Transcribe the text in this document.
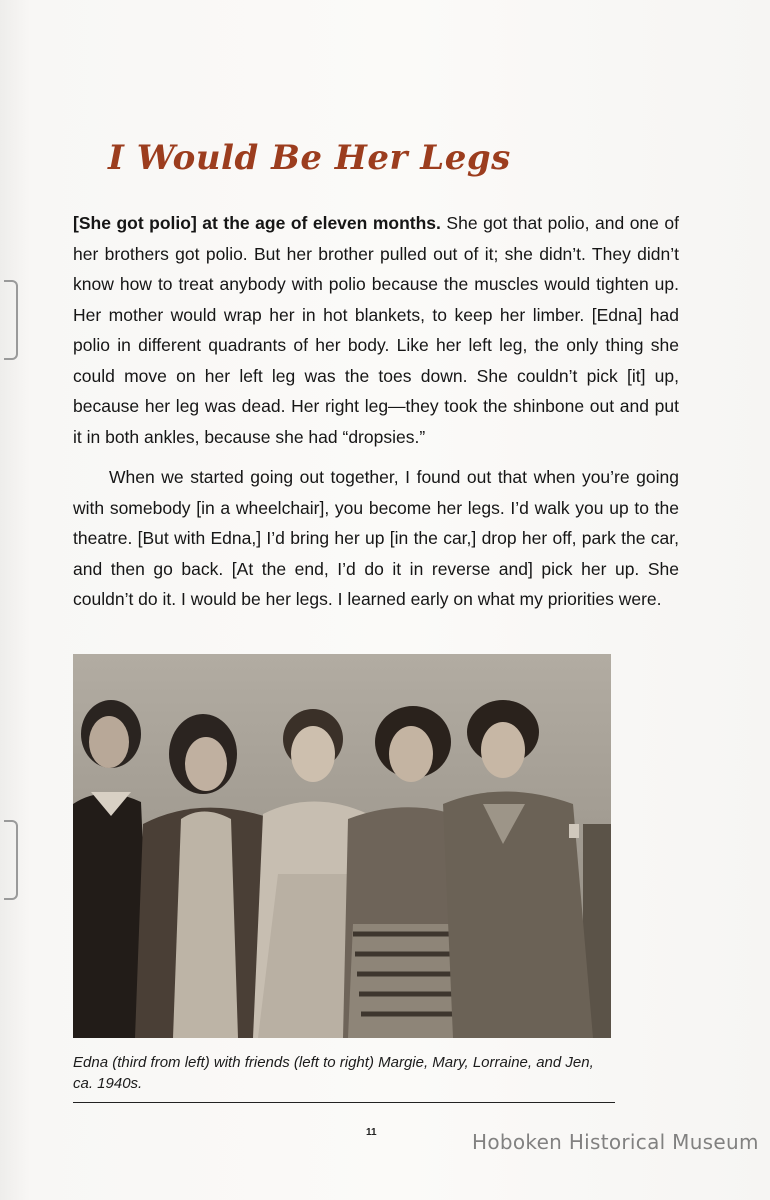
I Would Be Her Legs

[She got polio] at the age of eleven months. She got that polio, and one of her brothers got polio. But her brother pulled out of it; she didn’t. They didn’t know how to treat anybody with polio because the muscles would tighten up. Her mother would wrap her in hot blankets, to keep her limber. [Edna] had polio in different quadrants of her body. Like her left leg, the only thing she could move on her left leg was the toes down. She couldn’t pick [it] up, because her leg was dead. Her right leg—they took the shinbone out and put it in both ankles, because she had “dropsies.”

When we started going out together, I found out that when you’re going with somebody [in a wheelchair], you become her legs. I’d walk you up to the theatre. [But with Edna,] I’d bring her up [in the car,] drop her off, park the car, and then go back. [At the end, I’d do it in reverse and] pick her up. She couldn’t do it. I would be her legs. I learned early on what my priorities were.

Edna (third from left) with friends (left to right) Margie, Mary, Lorraine, and Jen, ca. 1940s.

11	Hoboken Historical Museum
